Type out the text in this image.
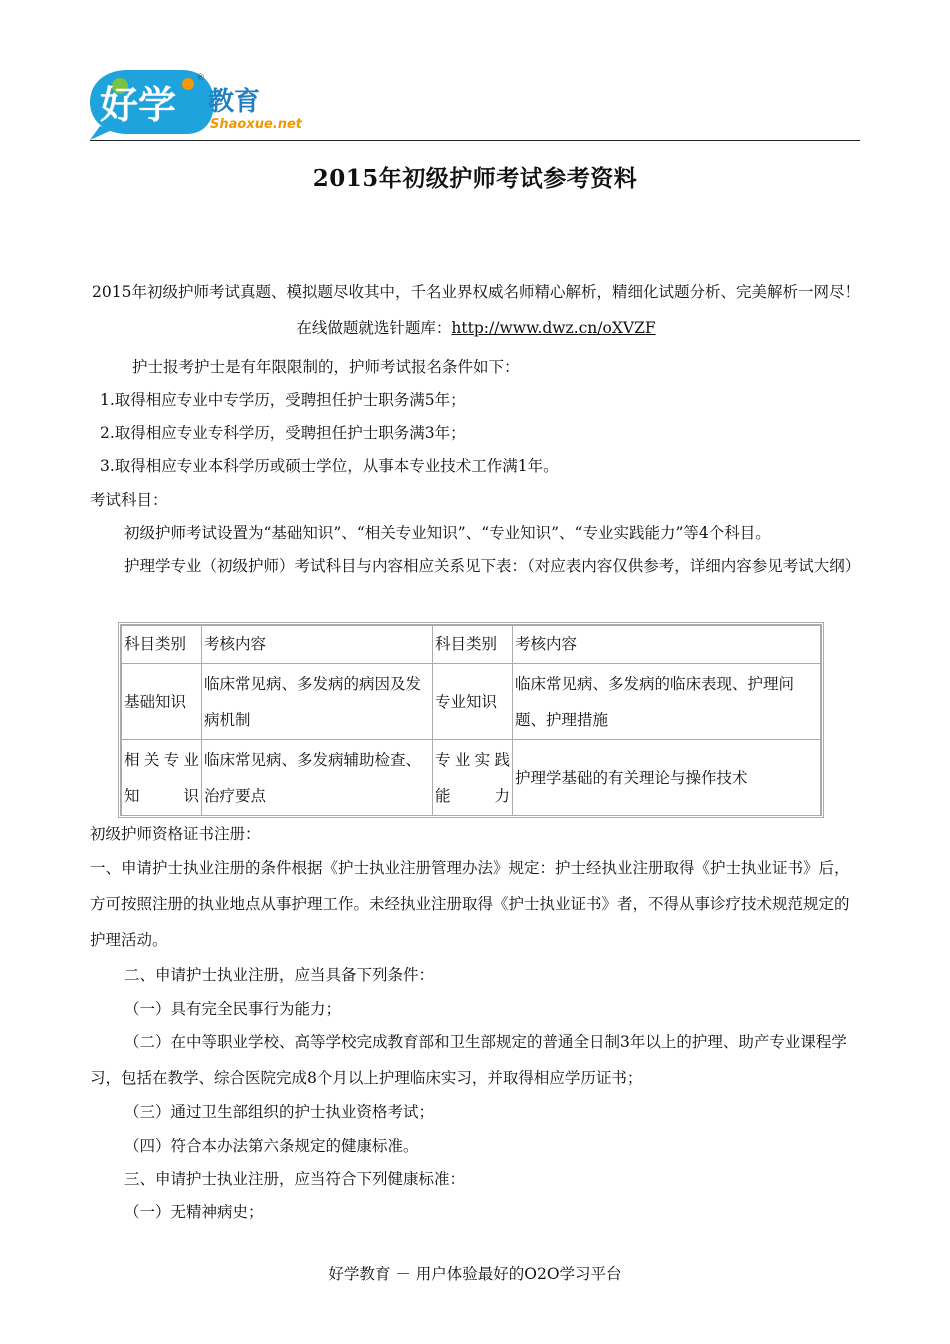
好学 教育
Shaoxue.net
®
2015年初级护师考试参考资料
2015年初级护师考试真题、模拟题尽收其中，千名业界权威名师精心解析，精细化试题分析、完美解析一网尽！在线做题就选针题库：http://www.dwz.cn/oXVZF
护士报考护士是有年限限制的，护师考试报名条件如下：
1.取得相应专业中专学历，受聘担任护士职务满5年；
2.取得相应专业专科学历，受聘担任护士职务满3年；
3.取得相应专业本科学历或硕士学位，从事本专业技术工作满1年。
考试科目：
初级护师考试设置为“基础知识”、“相关专业知识”、“专业知识”、“专业实践能力”等4个科目。
护理学专业（初级护师）考试科目与内容相应关系见下表：（对应表内容仅供参考，详细内容参见考试大纲）
科目类别	考核内容	科目类别	考核内容
基础知识	临床常见病、多发病的病因及发病机制	专业知识	临床常见病、多发病的临床表现、护理问题、护理措施
相关专业知识	临床常见病、多发病辅助检查、治疗要点	专业实践能力	护理学基础的有关理论与操作技术
初级护师资格证书注册：
一、申请护士执业注册的条件根据《护士执业注册管理办法》规定：护士经执业注册取得《护士执业证书》后，方可按照注册的执业地点从事护理工作。未经执业注册取得《护士执业证书》者，不得从事诊疗技术规范规定的护理活动。
二、申请护士执业注册，应当具备下列条件：
（一）具有完全民事行为能力；
（二）在中等职业学校、高等学校完成教育部和卫生部规定的普通全日制3年以上的护理、助产专业课程学习，包括在教学、综合医院完成8个月以上护理临床实习，并取得相应学历证书；
（三）通过卫生部组织的护士执业资格考试；
（四）符合本办法第六条规定的健康标准。
三、申请护士执业注册，应当符合下列健康标准：
（一）无精神病史；
好学教育 － 用户体验最好的O2O学习平台
